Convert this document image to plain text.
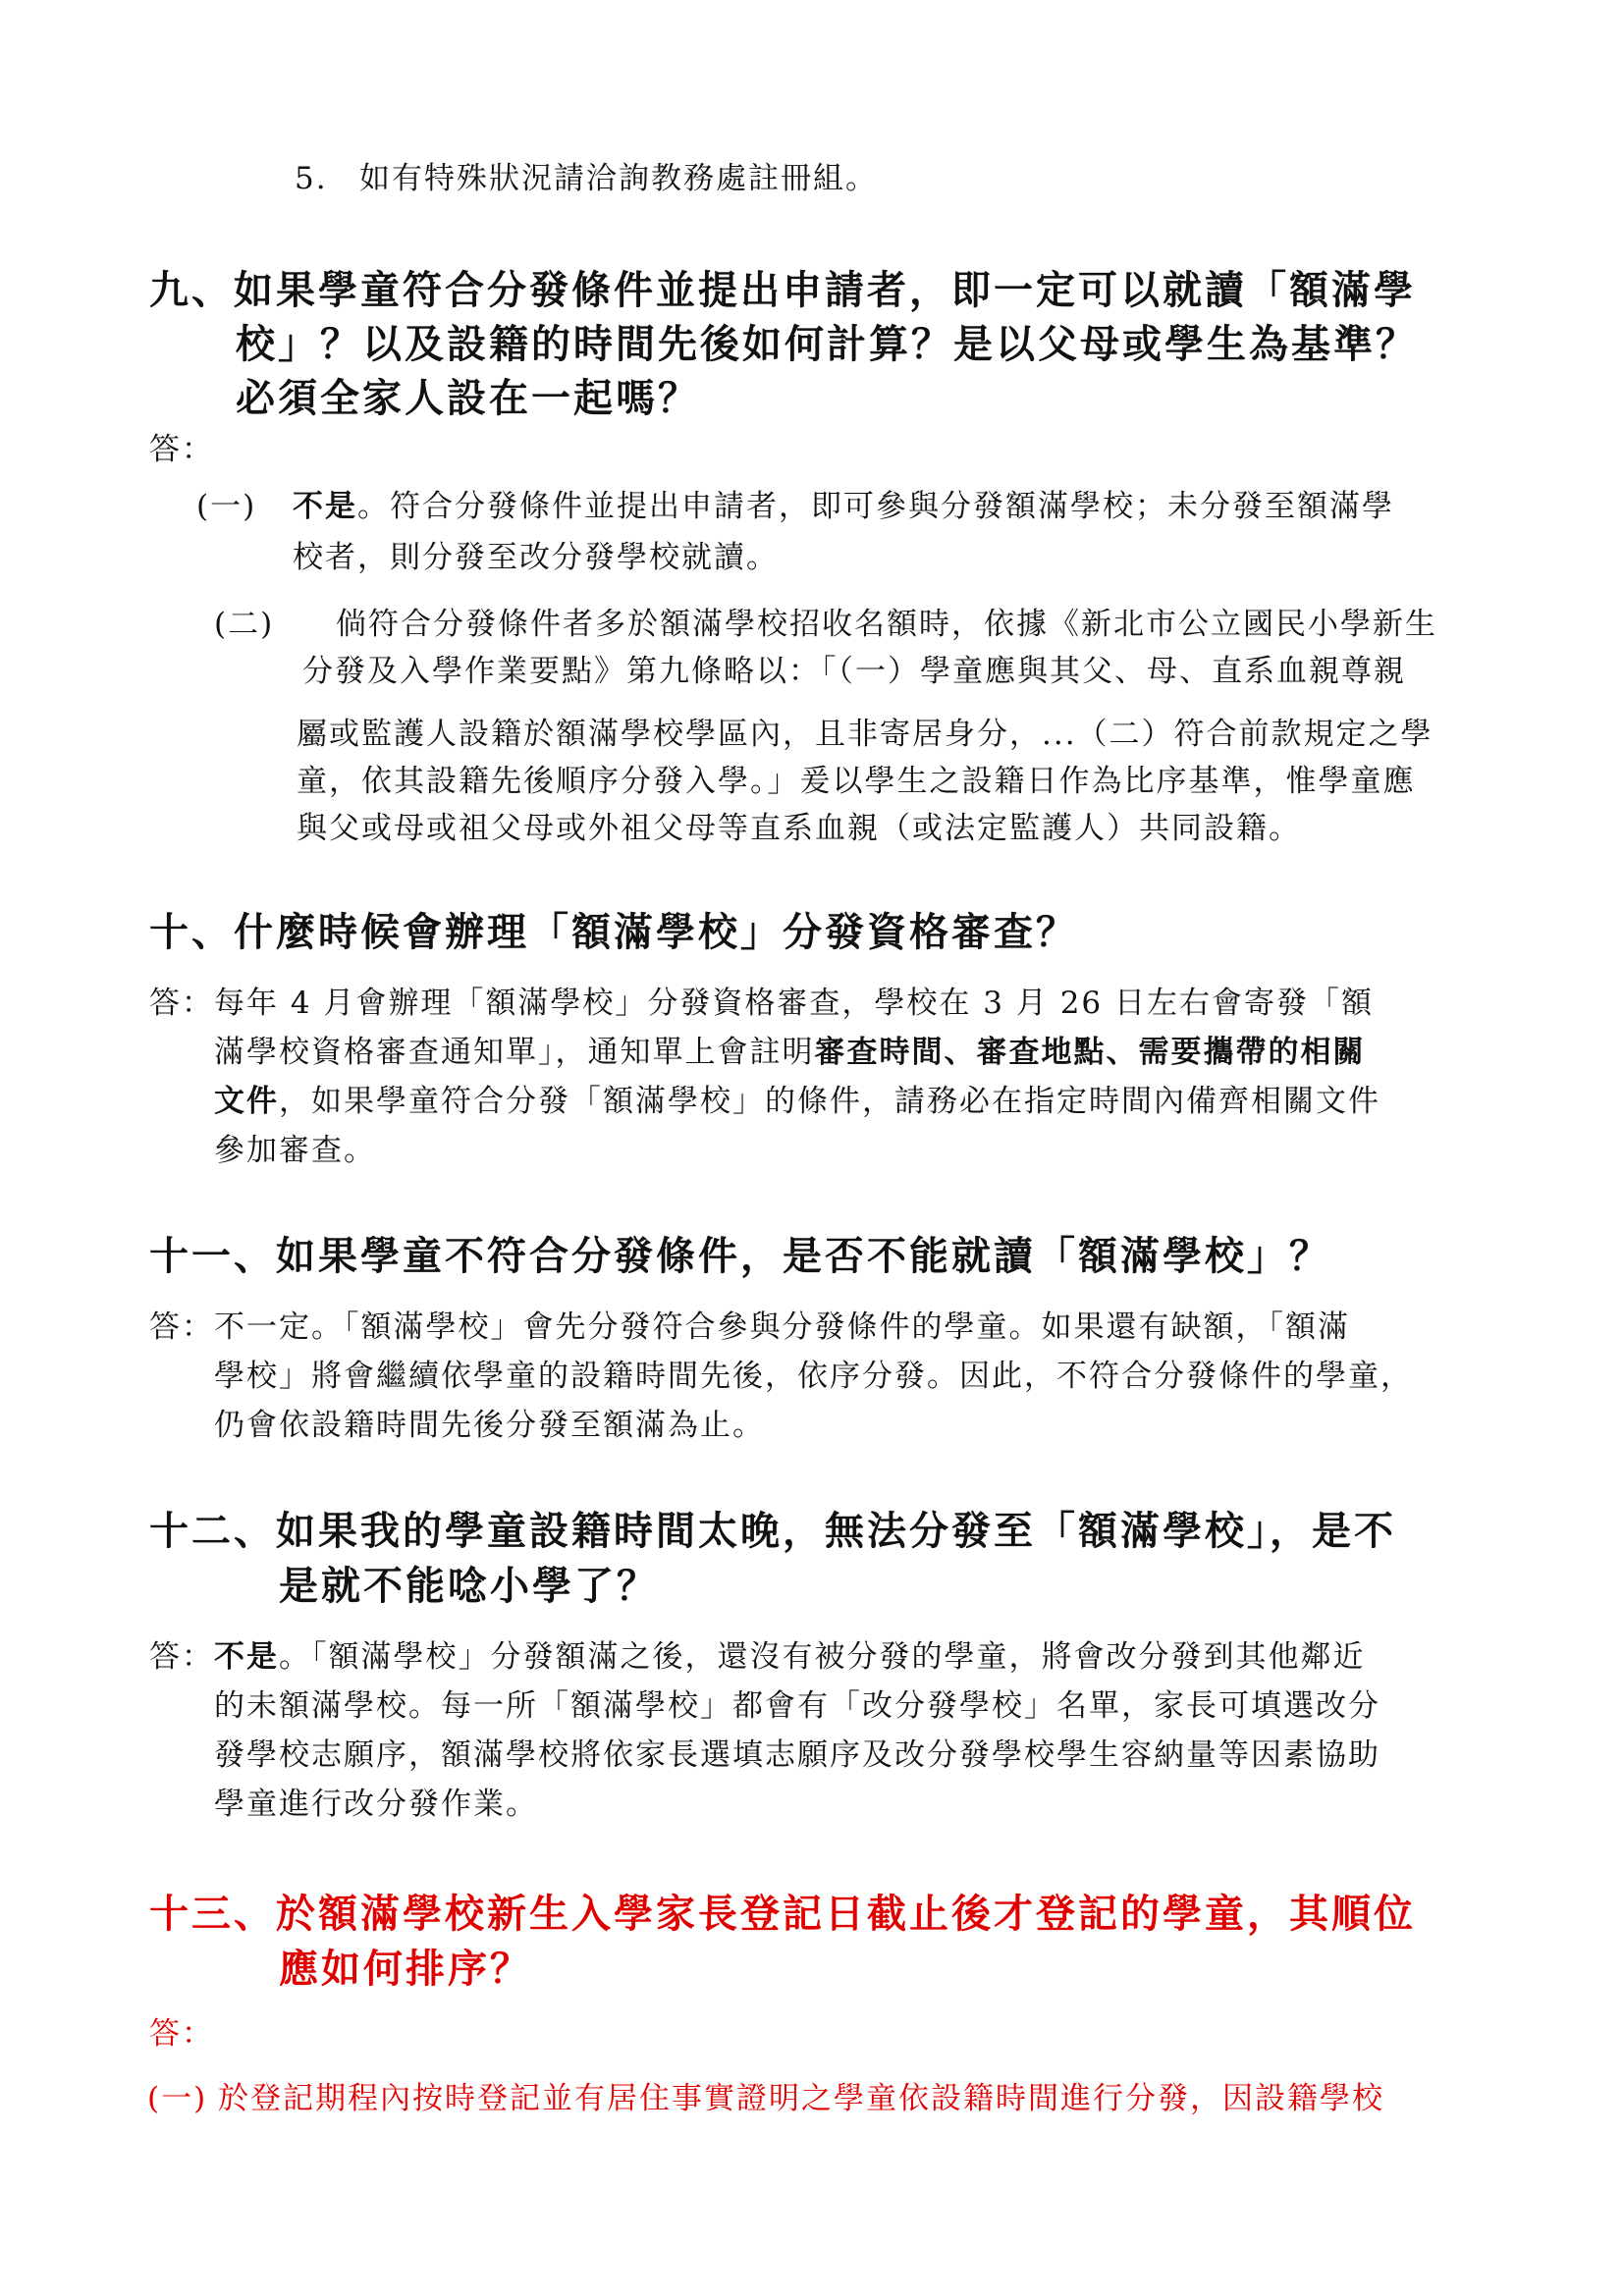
5. 如有特殊狀況請洽詢教務處註冊組。
九、如果學童符合分發條件並提出申請者，即一定可以就讀「額滿學
校」？以及設籍的時間先後如何計算？是以父母或學生為基準？
必須全家人設在一起嗎？
答：
(一) 不是。符合分發條件並提出申請者，即可參與分發額滿學校；未分發至額滿學
校者，則分發至改分發學校就讀。
(二) 倘符合分發條件者多於額滿學校招收名額時，依據《新北市公立國民小學新生
分發及入學作業要點》第九條略以：「（一）學童應與其父、母、直系血親尊親
屬或監護人設籍於額滿學校學區內，且非寄居身分，...（二）符合前款規定之學
童，依其設籍先後順序分發入學。」爰以學生之設籍日作為比序基準，惟學童應
與父或母或祖父母或外祖父母等直系血親（或法定監護人）共同設籍。
十、什麼時候會辦理「額滿學校」分發資格審查？
答：每年 4 月會辦理「額滿學校」分發資格審查，學校在 3 月 26 日左右會寄發「額
滿學校資格審查通知單」，通知單上會註明審查時間、審查地點、需要攜帶的相關
文件，如果學童符合分發「額滿學校」的條件，請務必在指定時間內備齊相關文件
參加審查。
十一、如果學童不符合分發條件，是否不能就讀「額滿學校」？
答：不一定。「額滿學校」會先分發符合參與分發條件的學童。如果還有缺額，「額滿
學校」將會繼續依學童的設籍時間先後，依序分發。因此，不符合分發條件的學童，
仍會依設籍時間先後分發至額滿為止。
十二、如果我的學童設籍時間太晚，無法分發至「額滿學校」，是不
是就不能唸小學了？
答：不是。「額滿學校」分發額滿之後，還沒有被分發的學童，將會改分發到其他鄰近
的未額滿學校。每一所「額滿學校」都會有「改分發學校」名單，家長可填選改分
發學校志願序，額滿學校將依家長選填志願序及改分發學校學生容納量等因素協助
學童進行改分發作業。
十三、於額滿學校新生入學家長登記日截止後才登記的學童，其順位
應如何排序？
答：
(一) 於登記期程內按時登記並有居住事實證明之學童依設籍時間進行分發，因設籍學校
